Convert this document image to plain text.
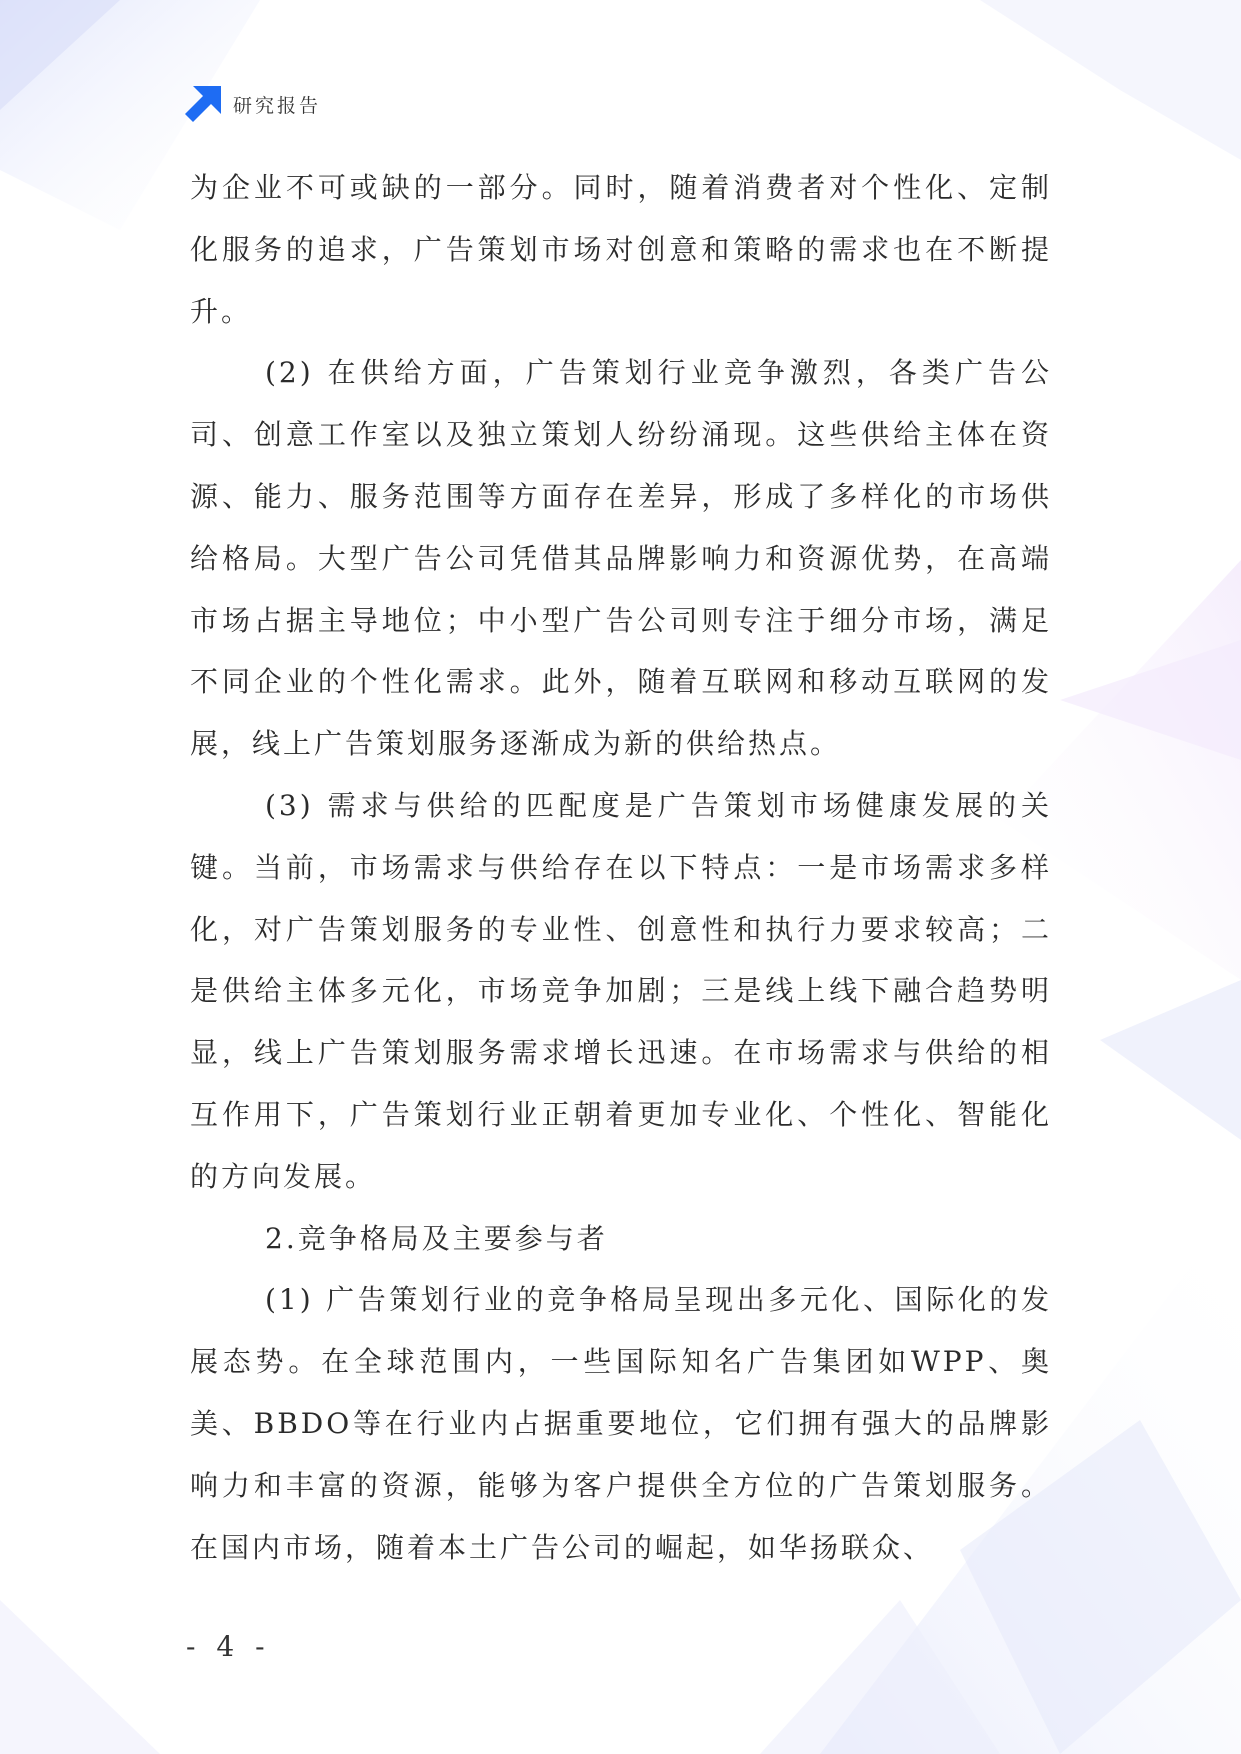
研究报告

为企业不可或缺的一部分。同时，随着消费者对个性化、定制化服务的追求，广告策划市场对创意和策略的需求也在不断提升。

(2) 在供给方面，广告策划行业竞争激烈，各类广告公司、创意工作室以及独立策划人纷纷涌现。这些供给主体在资源、能力、服务范围等方面存在差异，形成了多样化的市场供给格局。大型广告公司凭借其品牌影响力和资源优势，在高端市场占据主导地位；中小型广告公司则专注于细分市场，满足不同企业的个性化需求。此外，随着互联网和移动互联网的发展，线上广告策划服务逐渐成为新的供给热点。

(3) 需求与供给的匹配度是广告策划市场健康发展的关键。当前，市场需求与供给存在以下特点：一是市场需求多样化，对广告策划服务的专业性、创意性和执行力要求较高；二是供给主体多元化，市场竞争加剧；三是线上线下融合趋势明显，线上广告策划服务需求增长迅速。在市场需求与供给的相互作用下，广告策划行业正朝着更加专业化、个性化、智能化的方向发展。

2.竞争格局及主要参与者

(1) 广告策划行业的竞争格局呈现出多元化、国际化的发展态势。在全球范围内，一些国际知名广告集团如WPP、奥美、BBDO等在行业内占据重要地位，它们拥有强大的品牌影响力和丰富的资源，能够为客户提供全方位的广告策划服务。在国内市场，随着本土广告公司的崛起，如华扬联众、

- 4 -
